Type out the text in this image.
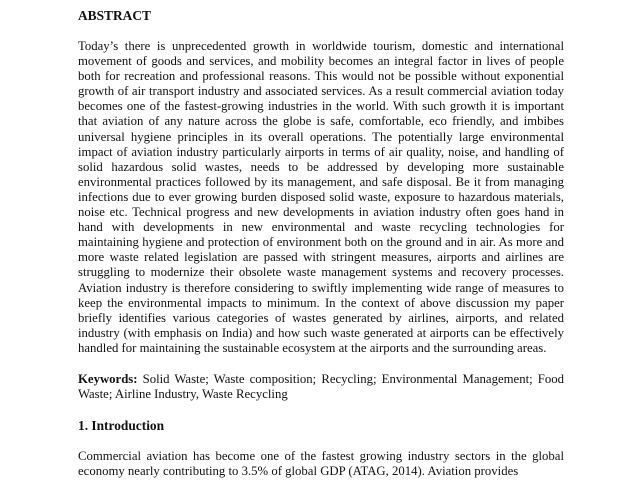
ABSTRACT

Today’s there is unprecedented growth in worldwide tourism, domestic and international movement of goods and services, and mobility becomes an integral factor in lives of people both for recreation and professional reasons. This would not be possible without exponential growth of air transport industry and associated services. As a result commercial aviation today becomes one of the fastest-growing industries in the world. With such growth it is important that aviation of any nature across the globe is safe, comfortable, eco friendly, and imbibes universal hygiene principles in its overall operations. The potentially large environmental impact of aviation industry particularly airports in terms of air quality, noise, and handling of solid hazardous solid wastes, needs to be addressed by developing more sustainable environmental practices followed by its management, and safe disposal. Be it from managing infections due to ever growing burden disposed solid waste, exposure to hazardous materials, noise etc. Technical progress and new developments in aviation industry often goes hand in hand with developments in new environmental and waste recycling technologies for maintaining hygiene and protection of environment both on the ground and in air. As more and more waste related legislation are passed with stringent measures, airports and airlines are struggling to modernize their obsolete waste management systems and recovery processes. Aviation industry is therefore considering to swiftly implementing wide range of measures to keep the environmental impacts to minimum. In the context of above discussion my paper briefly identifies various categories of wastes generated by airlines, airports, and related industry (with emphasis on India) and how such waste generated at airports can be effectively handled for maintaining the sustainable ecosystem at the airports and the surrounding areas.

Keywords: Solid Waste; Waste composition; Recycling; Environmental Management; Food Waste; Airline Industry, Waste Recycling

1. Introduction

Commercial aviation has become one of the fastest growing industry sectors in the global economy nearly contributing to 3.5% of global GDP (ATAG, 2014). Aviation provides
